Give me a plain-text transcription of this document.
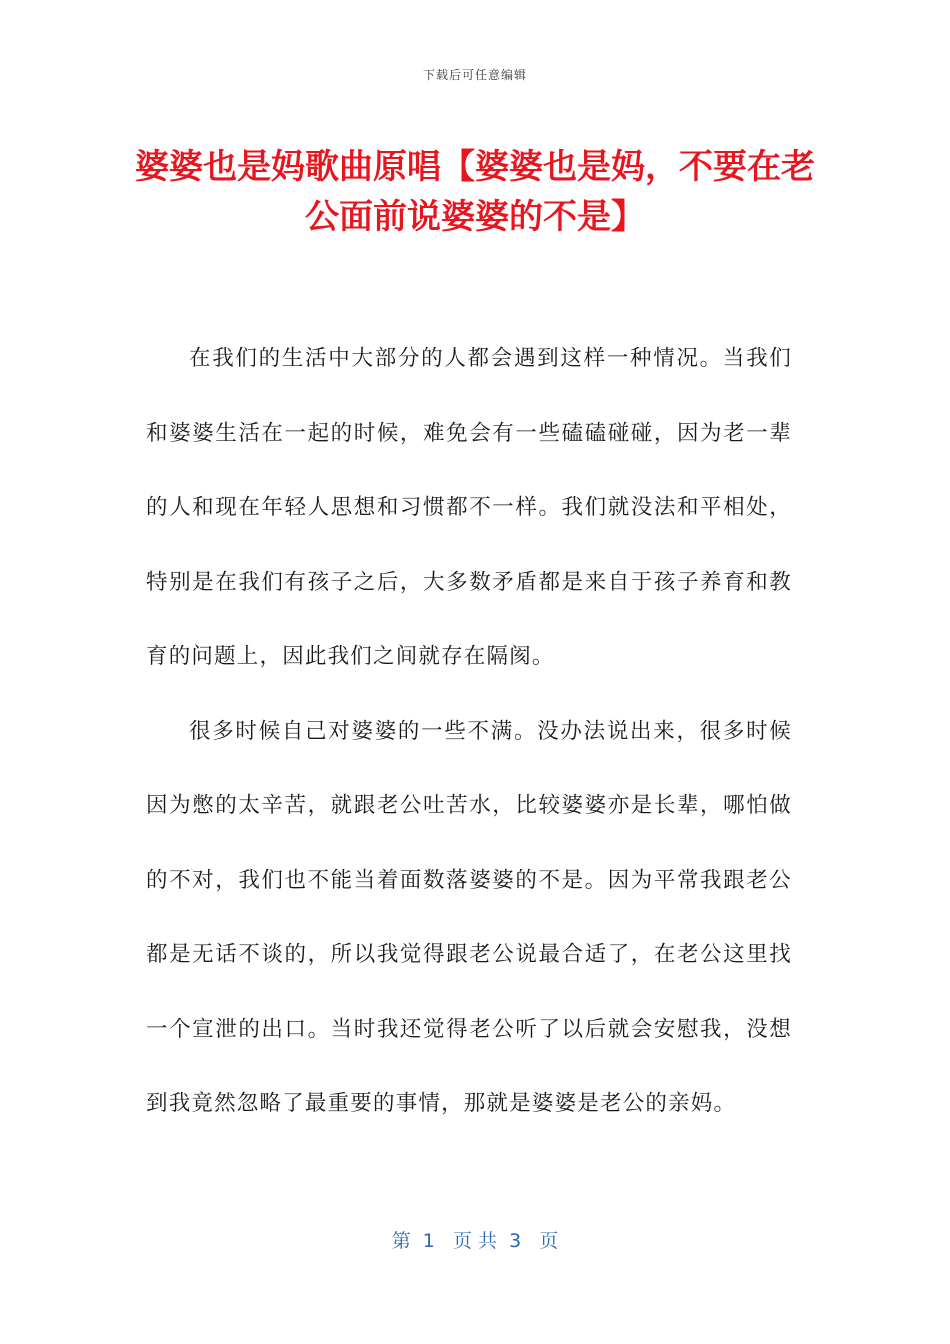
下载后可任意编辑
婆婆也是妈歌曲原唱【婆婆也是妈，不要在老公面前说婆婆的不是】

在我们的生活中大部分的人都会遇到这样一种情况。当我们和婆婆生活在一起的时候，难免会有一些磕磕碰碰，因为老一辈的人和现在年轻人思想和习惯都不一样。我们就没法和平相处，特别是在我们有孩子之后，大多数矛盾都是来自于孩子养育和教育的问题上，因此我们之间就存在隔阂。

很多时候自己对婆婆的一些不满。没办法说出来，很多时候因为憋的太辛苦，就跟老公吐苦水，比较婆婆亦是长辈，哪怕做的不对，我们也不能当着面数落婆婆的不是。因为平常我跟老公都是无话不谈的，所以我觉得跟老公说最合适了，在老公这里找一个宣泄的出口。当时我还觉得老公听了以后就会安慰我，没想到我竟然忽略了最重要的事情，那就是婆婆是老公的亲妈。

第  1   页 共  3   页
